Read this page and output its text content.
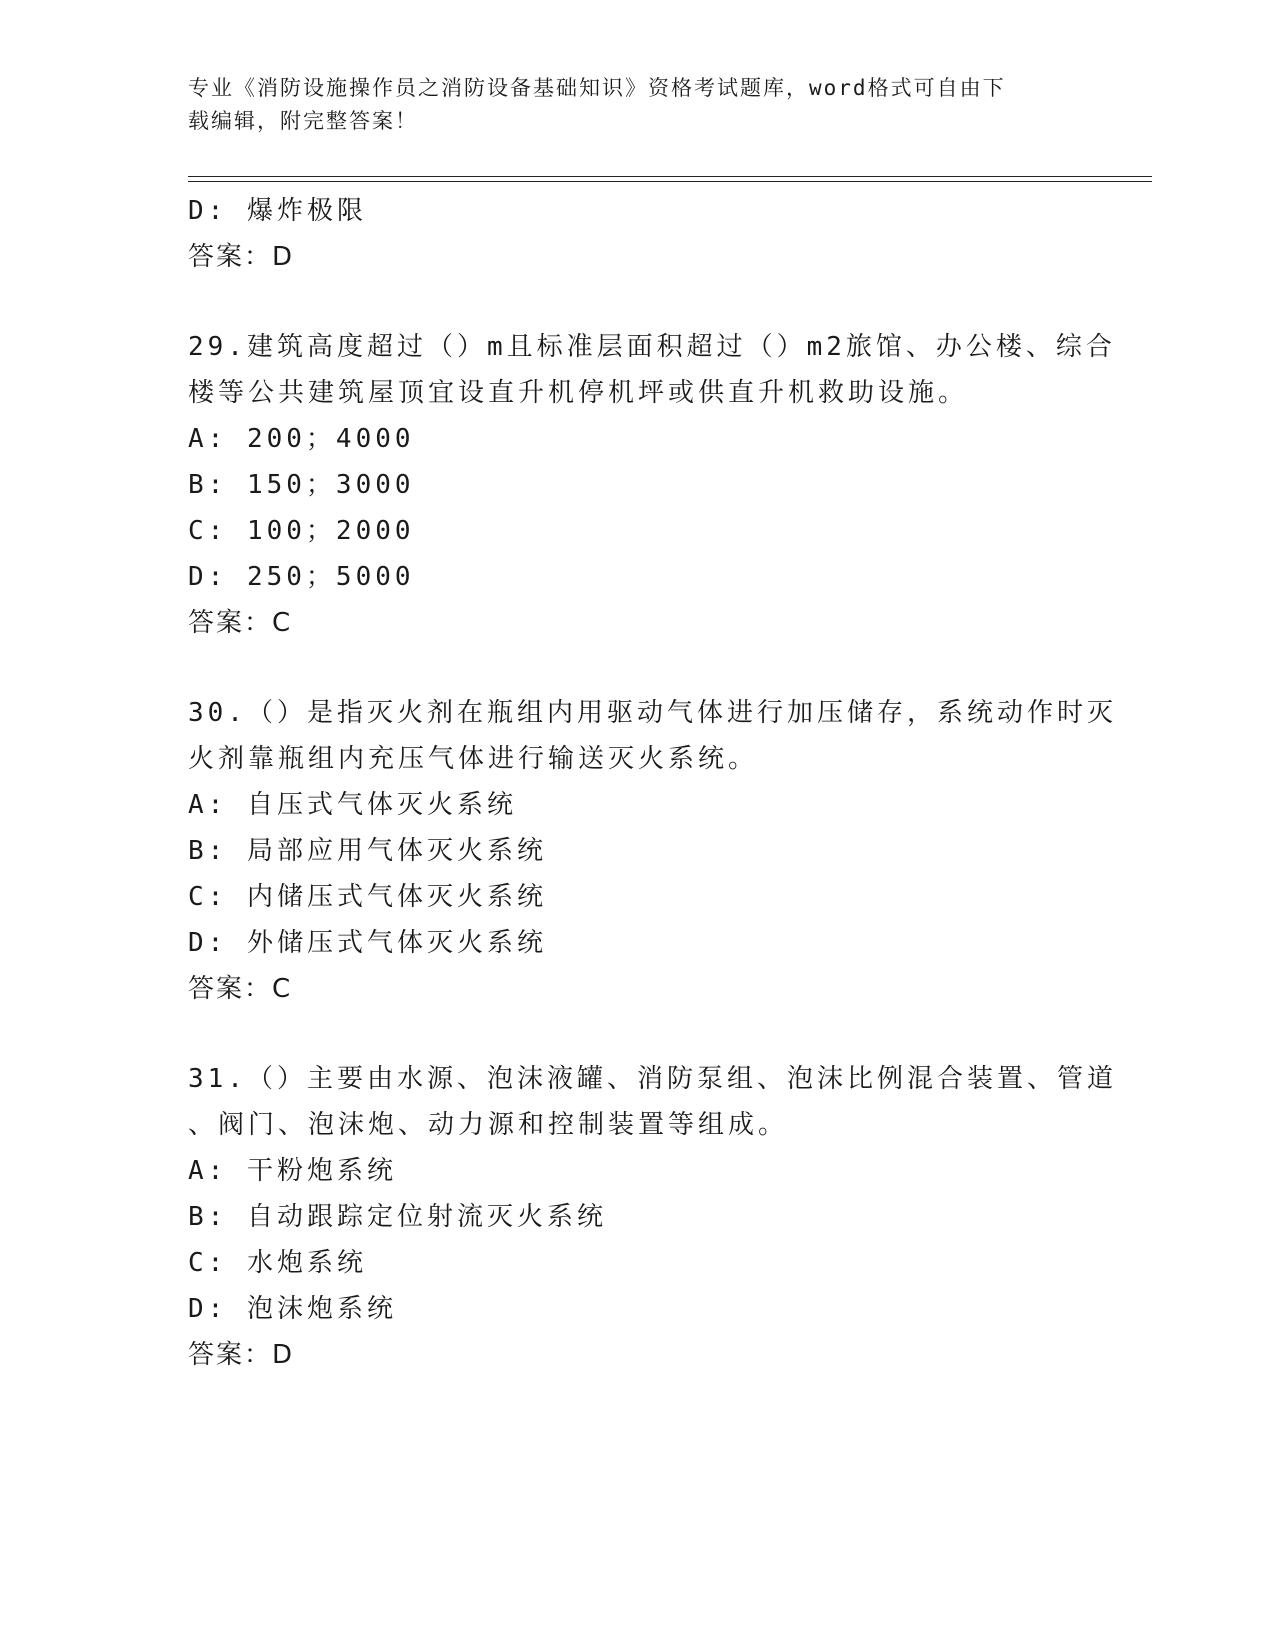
专业《消防设施操作员之消防设备基础知识》资格考试题库，word格式可自由下
载编辑，附完整答案！
D: 爆炸极限
答案：D
29.建筑高度超过（）m且标准层面积超过（）m2旅馆、办公楼、综合
楼等公共建筑屋顶宜设直升机停机坪或供直升机救助设施。
A: 200；4000
B: 150；3000
C: 100；2000
D: 250；5000
答案：C
30.（）是指灭火剂在瓶组内用驱动气体进行加压储存，系统动作时灭
火剂靠瓶组内充压气体进行输送灭火系统。
A: 自压式气体灭火系统
B: 局部应用气体灭火系统
C: 内储压式气体灭火系统
D: 外储压式气体灭火系统
答案：C
31.（）主要由水源、泡沫液罐、消防泵组、泡沫比例混合装置、管道
、阀门、泡沫炮、动力源和控制装置等组成。
A: 干粉炮系统
B: 自动跟踪定位射流灭火系统
C: 水炮系统
D: 泡沫炮系统
答案：D
